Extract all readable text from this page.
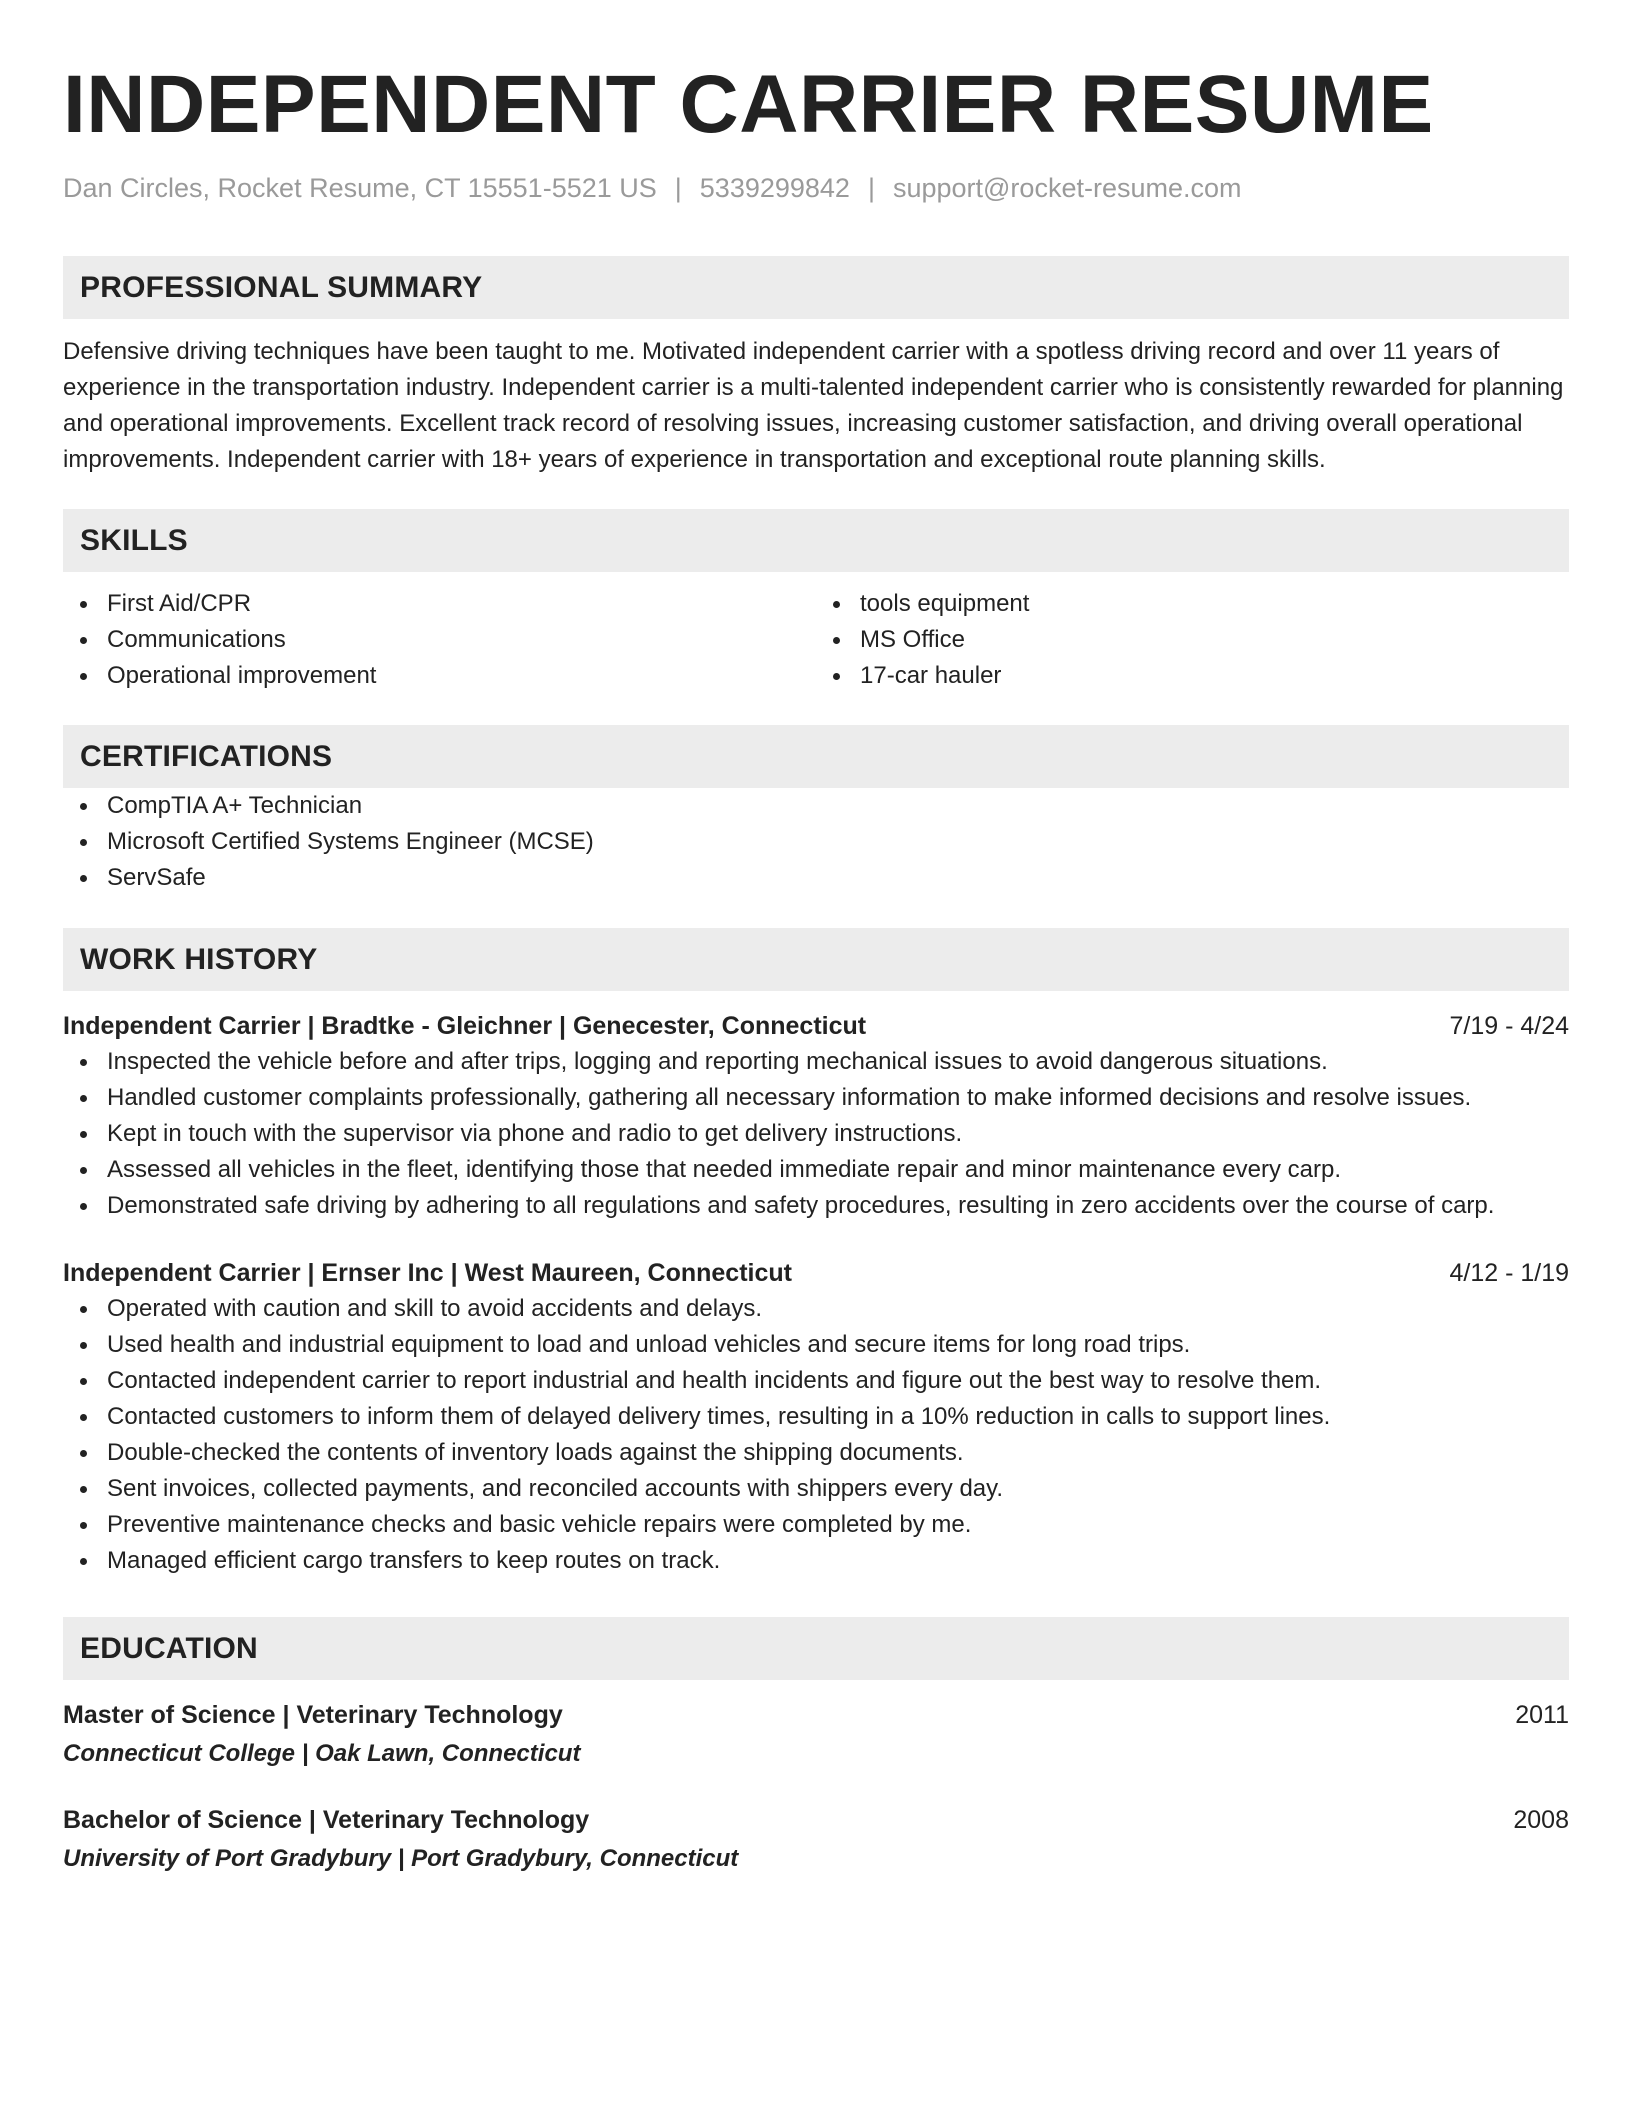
INDEPENDENT CARRIER RESUME
Dan Circles, Rocket Resume, CT 15551-5521 US | 5339299842 | support@rocket-resume.com
PROFESSIONAL SUMMARY
Defensive driving techniques have been taught to me. Motivated independent carrier with a spotless driving record and over 11 years of experience in the transportation industry. Independent carrier is a multi-talented independent carrier who is consistently rewarded for planning and operational improvements. Excellent track record of resolving issues, increasing customer satisfaction, and driving overall operational improvements. Independent carrier with 18+ years of experience in transportation and exceptional route planning skills.
SKILLS
First Aid/CPR
Communications
Operational improvement
tools equipment
MS Office
17-car hauler
CERTIFICATIONS
CompTIA A+ Technician
Microsoft Certified Systems Engineer (MCSE)
ServSafe
WORK HISTORY
Independent Carrier | Bradtke - Gleichner | Genecester, Connecticut	7/19 - 4/24
Inspected the vehicle before and after trips, logging and reporting mechanical issues to avoid dangerous situations.
Handled customer complaints professionally, gathering all necessary information to make informed decisions and resolve issues.
Kept in touch with the supervisor via phone and radio to get delivery instructions.
Assessed all vehicles in the fleet, identifying those that needed immediate repair and minor maintenance every carp.
Demonstrated safe driving by adhering to all regulations and safety procedures, resulting in zero accidents over the course of carp.
Independent Carrier | Ernser Inc | West Maureen, Connecticut	4/12 - 1/19
Operated with caution and skill to avoid accidents and delays.
Used health and industrial equipment to load and unload vehicles and secure items for long road trips.
Contacted independent carrier to report industrial and health incidents and figure out the best way to resolve them.
Contacted customers to inform them of delayed delivery times, resulting in a 10% reduction in calls to support lines.
Double-checked the contents of inventory loads against the shipping documents.
Sent invoices, collected payments, and reconciled accounts with shippers every day.
Preventive maintenance checks and basic vehicle repairs were completed by me.
Managed efficient cargo transfers to keep routes on track.
EDUCATION
Master of Science | Veterinary Technology	2011
Connecticut College | Oak Lawn, Connecticut
Bachelor of Science | Veterinary Technology	2008
University of Port Gradybury | Port Gradybury, Connecticut
